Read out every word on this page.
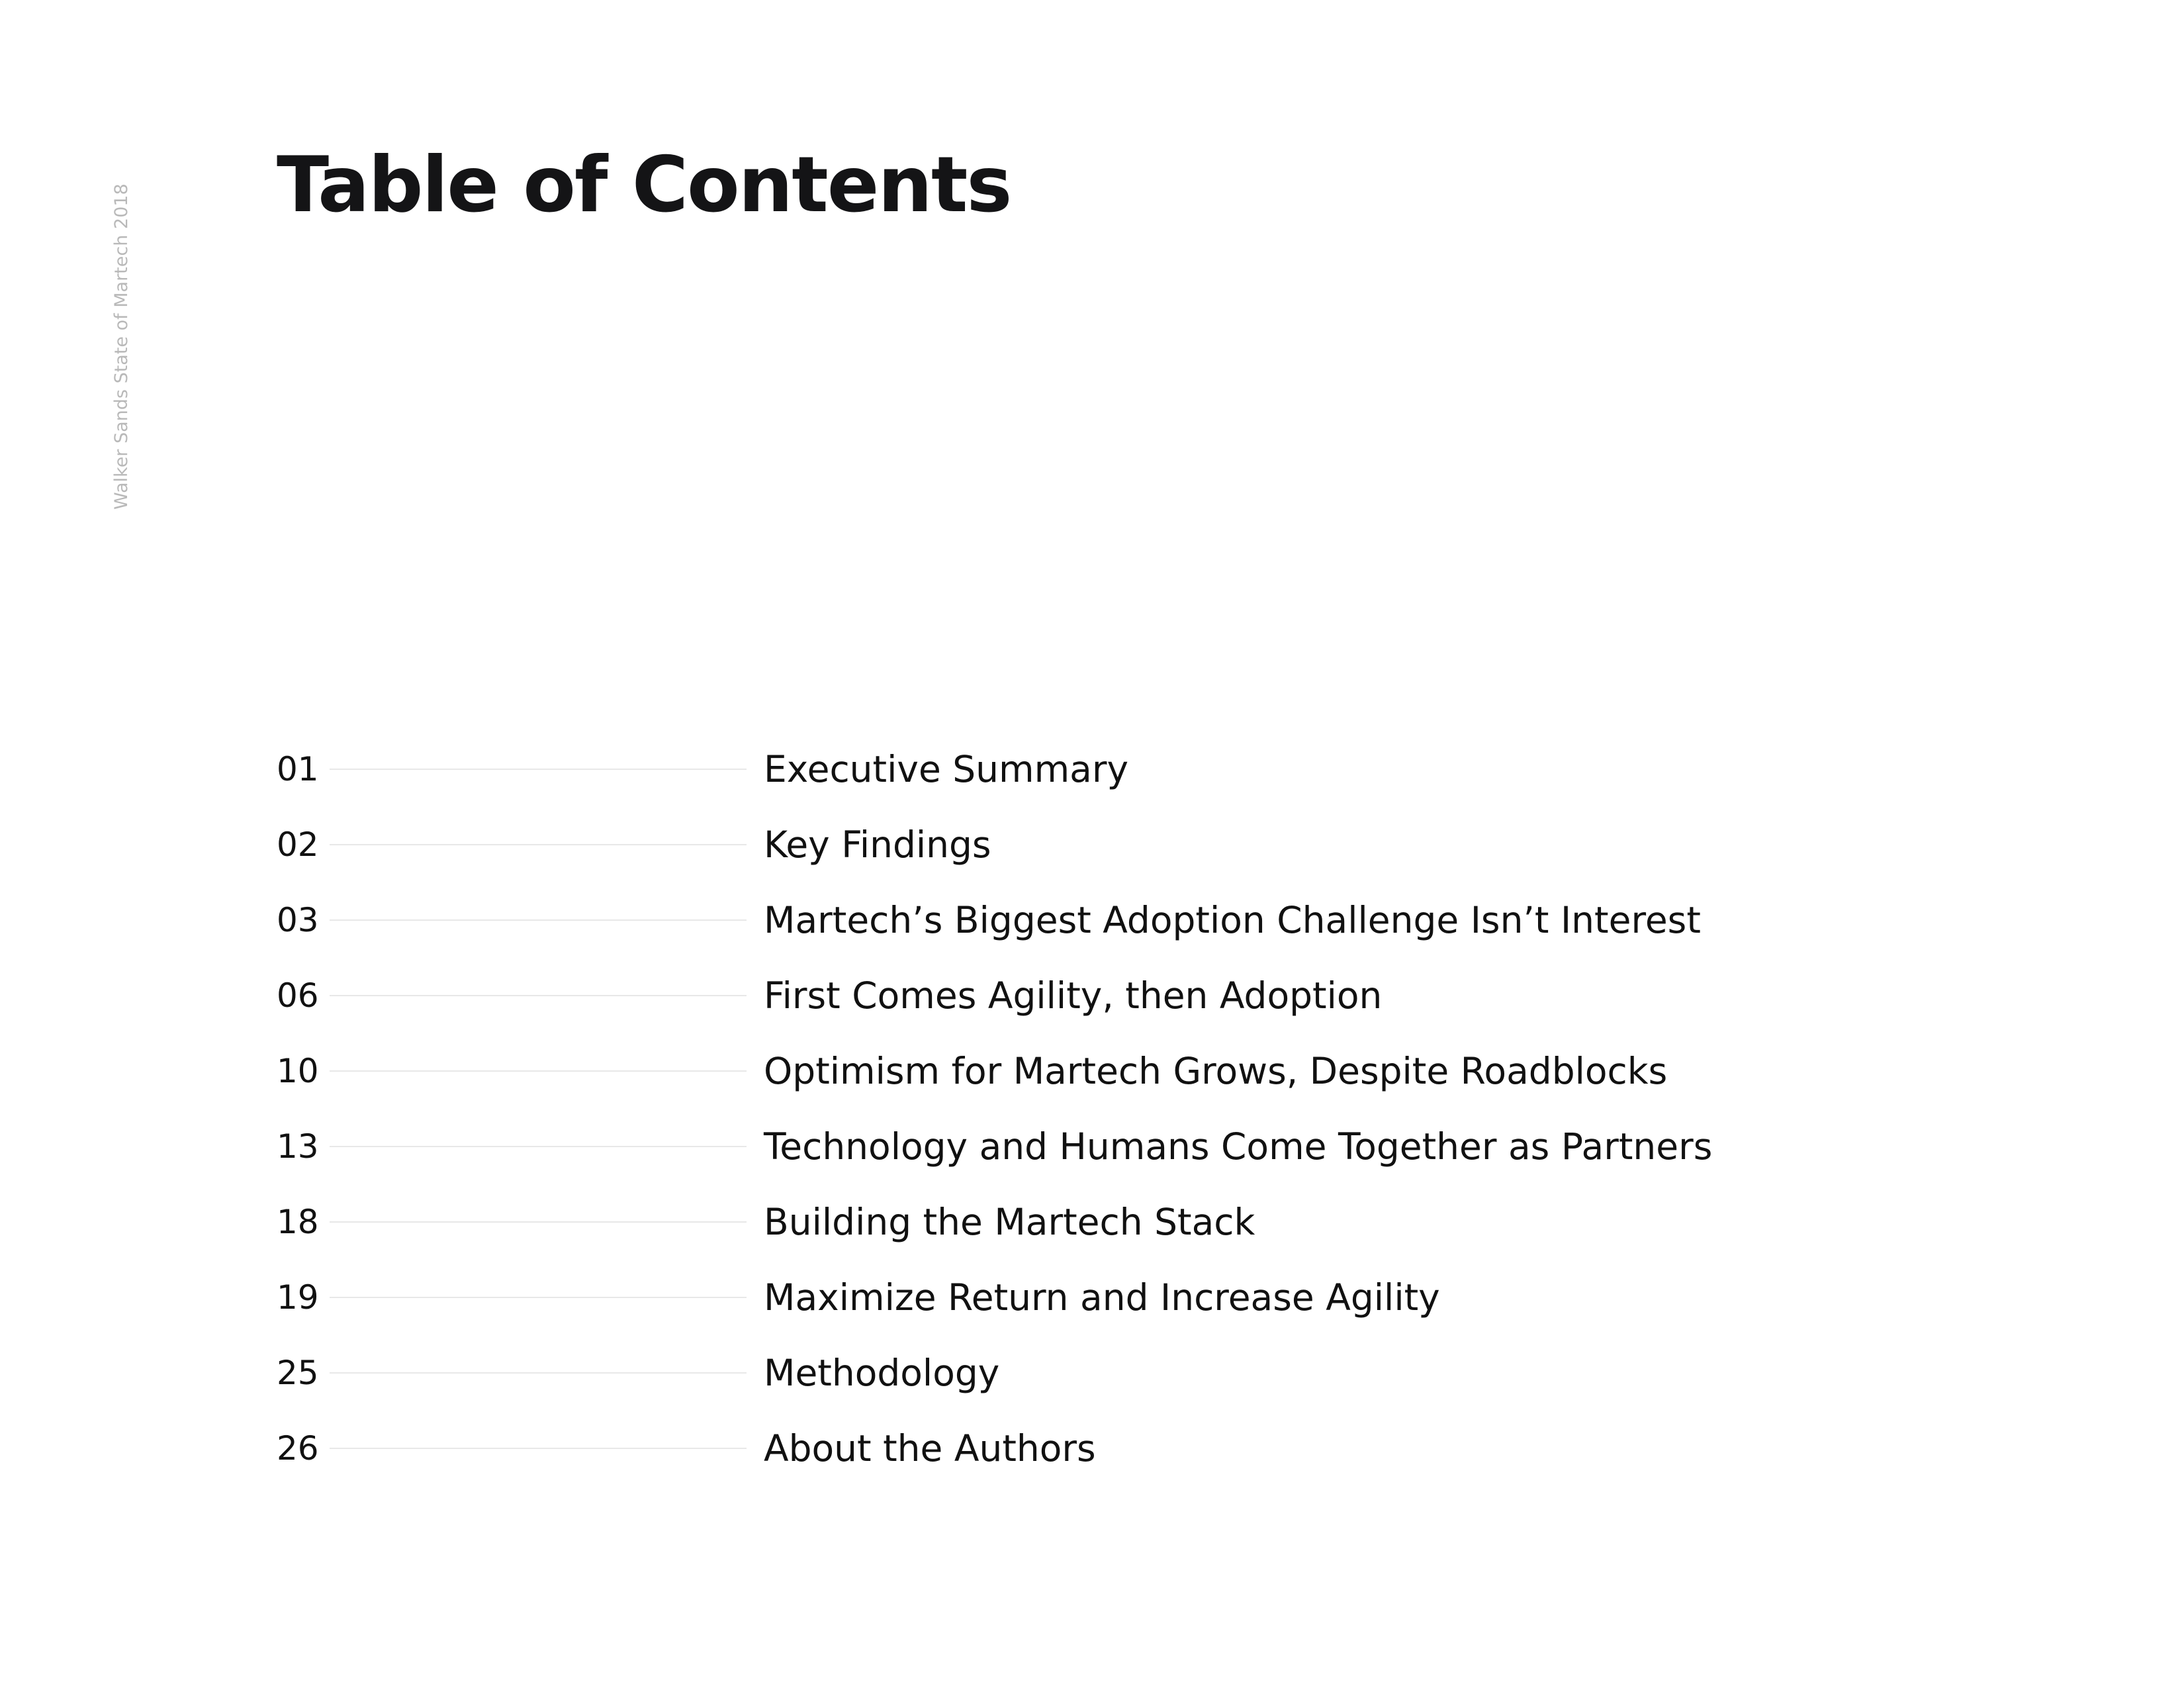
Walker Sands State of Martech 2018 Table of Contents
01	Executive Summary
02	Key Findings
03	Martech’s Biggest Adoption Challenge Isn’t Interest
06	First Comes Agility, then Adoption
10	Optimism for Martech Grows, Despite Roadblocks
13	Technology and Humans Come Together as Partners
18	Building the Martech Stack
19	Maximize Return and Increase Agility
25	Methodology
26	About the Authors
